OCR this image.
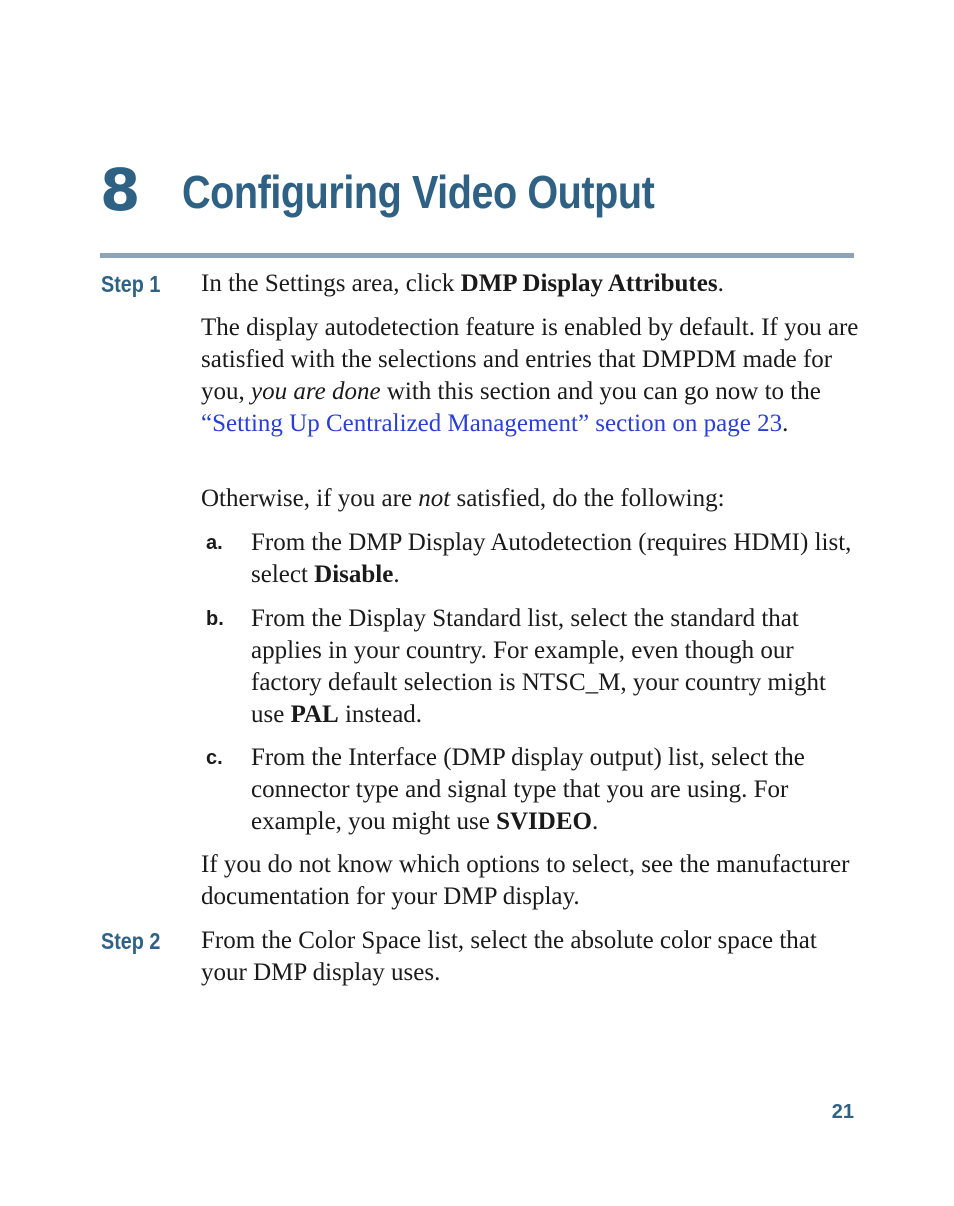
8 Configuring Video Output
Step 1 In the Settings area, click DMP Display Attributes.

The display autodetection feature is enabled by default. If you are satisfied with the selections and entries that DMPDM made for you, you are done with this section and you can go now to the “Setting Up Centralized Management” section on page 23.

Otherwise, if you are not satisfied, do the following:

a. From the DMP Display Autodetection (requires HDMI) list, select Disable.

b. From the Display Standard list, select the standard that applies in your country. For example, even though our factory default selection is NTSC_M, your country might use PAL instead.

c. From the Interface (DMP display output) list, select the connector type and signal type that you are using. For example, you might use SVIDEO.

If you do not know which options to select, see the manufacturer documentation for your DMP display.

Step 2 From the Color Space list, select the absolute color space that your DMP display uses.

21
